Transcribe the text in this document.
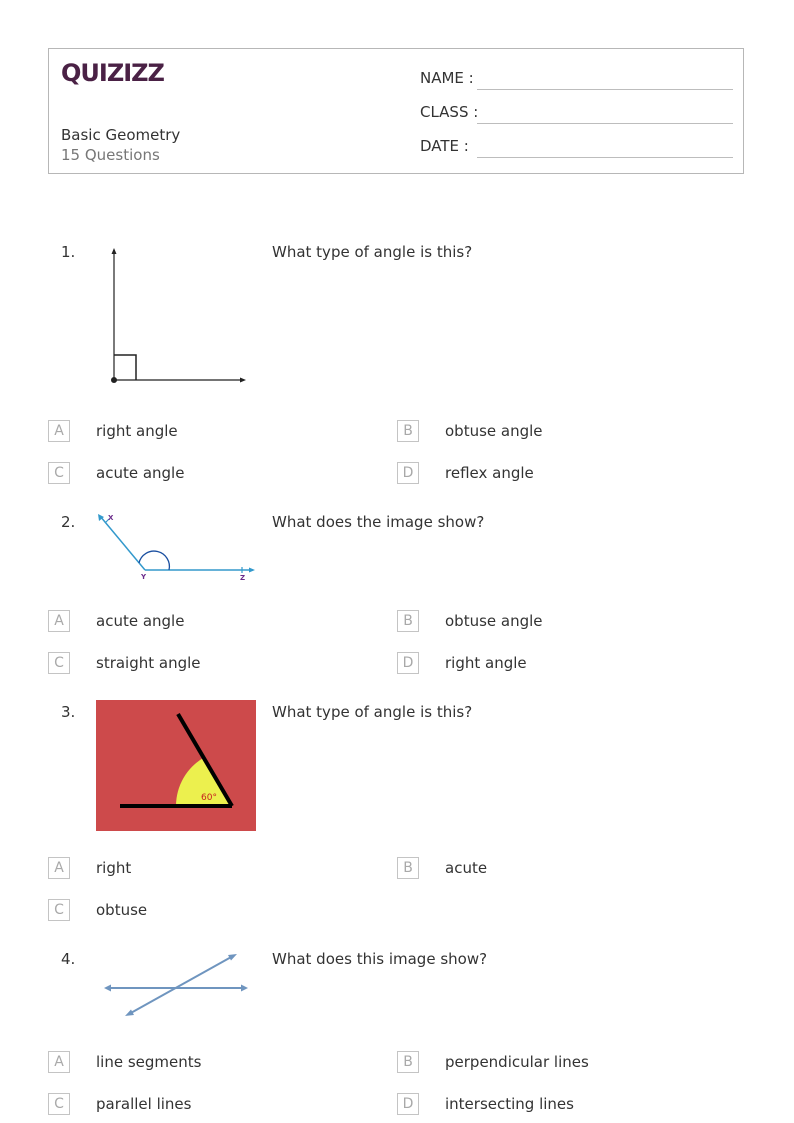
QUIZIZZ
Basic Geometry
15 Questions
NAME :
CLASS :
DATE :
1.	What type of angle is this?
A	right angle	B	obtuse angle
C	acute angle	D	reflex angle
2.	X
Y	Z
What does the image show?
A	acute angle	B	obtuse angle
C	straight angle	D	right angle
3.
60°
What type of angle is this?
A	right	B	acute
C	obtuse
4.	What does this image show?
A	line segments	B	perpendicular lines
C	parallel lines	D	intersecting lines
